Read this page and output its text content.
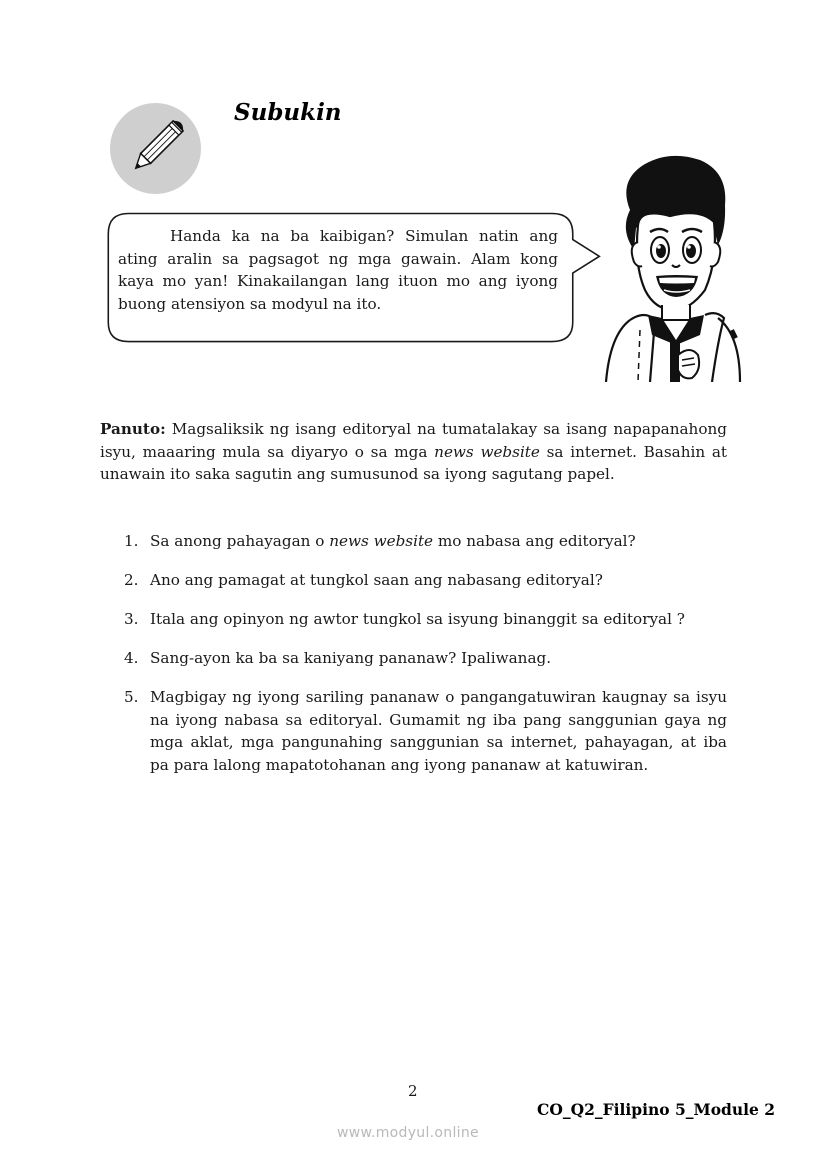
Subukin
Handa ka na ba kaibigan? Simulan natin ang ating aralin sa pagsagot ng mga gawain. Alam kong kaya mo yan! Kinakailangan lang ituon mo ang iyong buong atensiyon sa modyul na ito.
Panuto: Magsaliksik ng isang editoryal na tumatalakay sa isang napapanahong isyu, maaaring mula sa diyaryo o sa mga news website sa internet. Basahin at unawain ito saka sagutin ang sumusunod sa iyong sagutang papel.
1. Sa anong pahayagan o news website mo nabasa ang editoryal?
2. Ano ang pamagat at tungkol saan ang nabasang editoryal?
3. Itala ang opinyon ng awtor tungkol sa isyung binanggit sa editoryal ?
4. Sang-ayon ka ba sa kaniyang pananaw? Ipaliwanag.
5. Magbigay ng iyong sariling pananaw o pangangatuwiran kaugnay sa isyu na iyong nabasa sa editoryal. Gumamit ng iba pang sanggunian gaya ng mga aklat, mga pangunahing sanggunian sa internet, pahayagan, at iba pa para lalong mapatotohanan ang iyong pananaw at katuwiran.
2
CO_Q2_Filipino 5_Module 2
www.modyul.online
